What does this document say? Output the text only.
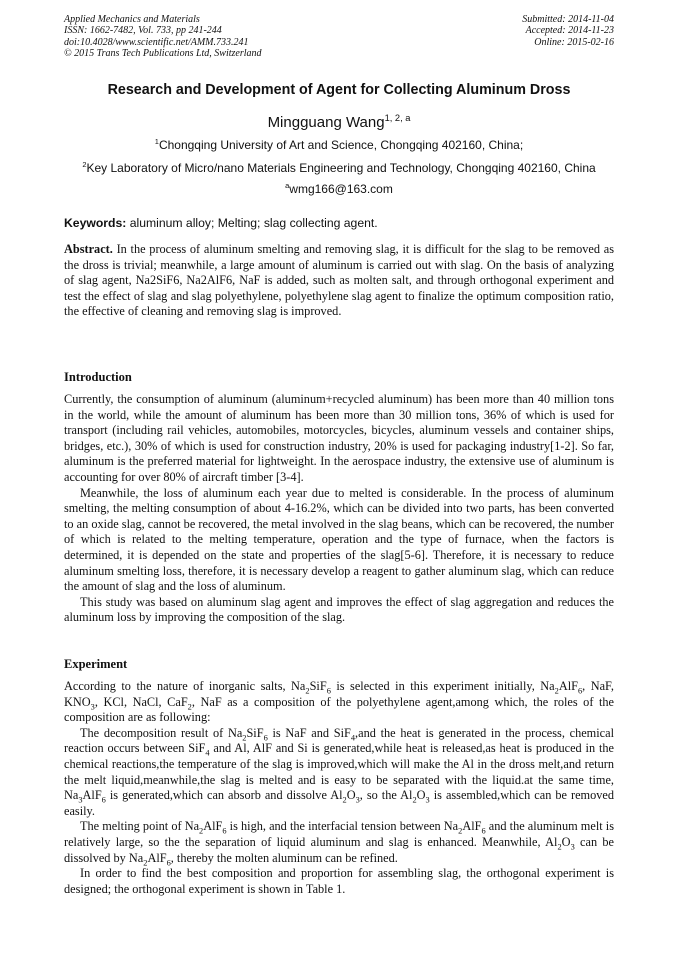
Applied Mechanics and Materials
ISSN: 1662-7482, Vol. 733, pp 241-244
doi:10.4028/www.scientific.net/AMM.733.241
© 2015 Trans Tech Publications Ltd, Switzerland
Submitted: 2014-11-04
Accepted: 2014-11-23
Online: 2015-02-16
Research and Development of Agent for Collecting Aluminum Dross
Mingguang Wang$^{1, 2, a}$
$^1$Chongqing University of Art and Science, Chongqing 402160, China;
$^2$Key Laboratory of Micro/nano Materials Engineering and Technology, Chongqing 402160, China
$^a$wmg166@163.com
Keywords: aluminum alloy; Melting; slag collecting agent.

Abstract. In the process of aluminum smelting and removing slag, it is difficult for the slag to be removed as the dross is trivial; meanwhile, a large amount of aluminum is carried out with slag. On the basis of analyzing of slag agent, Na2SiF6, Na2AlF6, NaF is added, such as molten salt, and through orthogonal experiment and test the effect of slag and slag polyethylene, polyethylene slag agent to finalize the optimum composition ratio, the effective of cleaning and removing slag is improved.

Introduction

Currently, the consumption of aluminum (aluminum+recycled aluminum) has been more than 40 million tons in the world, while the amount of aluminum has been more than 30 million tons, 36% of which is used for transport (including rail vehicles, automobiles, motorcycles, bicycles, aluminum vessels and container ships, bridges, etc.), 30% of which is used for construction industry, 20% is used for packaging industry[1-2]. So far, aluminum is the preferred material for lightweight. In the aerospace industry, the extensive use of aluminum is accounting for over 80% of aircraft timber [3-4].

Meanwhile, the loss of aluminum each year due to melted is considerable. In the process of aluminum smelting, the melting consumption of about 4-16.2%, which can be divided into two parts, has been converted to an oxide slag, cannot be recovered, the metal involved in the slag beans, which can be recovered, the number of which is related to the melting temperature, operation and the type of furnace, when the factors is determined, it is depended on the state and properties of the slag[5-6]. Therefore, it is necessary to reduce aluminum smelting loss, therefore, it is necessary develop a reagent to gather aluminum slag, which can reduce the amount of slag and the loss of aluminum.

This study was based on aluminum slag agent and improves the effect of slag aggregation and reduces the aluminum loss by improving the composition of the slag.

Experiment

According to the nature of inorganic salts, $Na_2SiF_6$ is selected in this experiment initially, $Na_2AlF_6$, NaF, $KNO_3$, KCl, NaCl, CaF$_2$, NaF as a composition of the polyethylene agent,among which, the roles of the composition are as following:

The decomposition result of $Na_2SiF_6$ is NaF and SiF$_4$,and the heat is generated in the process, chemical reaction occurs between SiF$_4$ and Al, AlF and Si is generated,while heat is released,as heat is produced in the chemical reactions,the temperature of the slag is improved,which will make the Al in the dross melt,and return the melt liquid,meanwhile,the slag is melted and is easy to be separated with the liquid.at the same time, $Na_3AlF_6$ is generated,which can absorb and dissolve $Al_2O_3$, so the $Al_2O_3$ is assembled,which can be removed easily.

The melting point of $Na_2AlF_6$ is high, and the interfacial tension between $Na_2AlF_6$ and the aluminum melt is relatively large, so the the separation of liquid aluminum and slag is enhanced. Meanwhile, $Al_2O_3$ can be dissolved by $Na_2AlF_6$, thereby the molten aluminum can be refined.

In order to find the best composition and proportion for assembling slag, the orthogonal experiment is designed; the orthogonal experiment is shown in Table 1.
